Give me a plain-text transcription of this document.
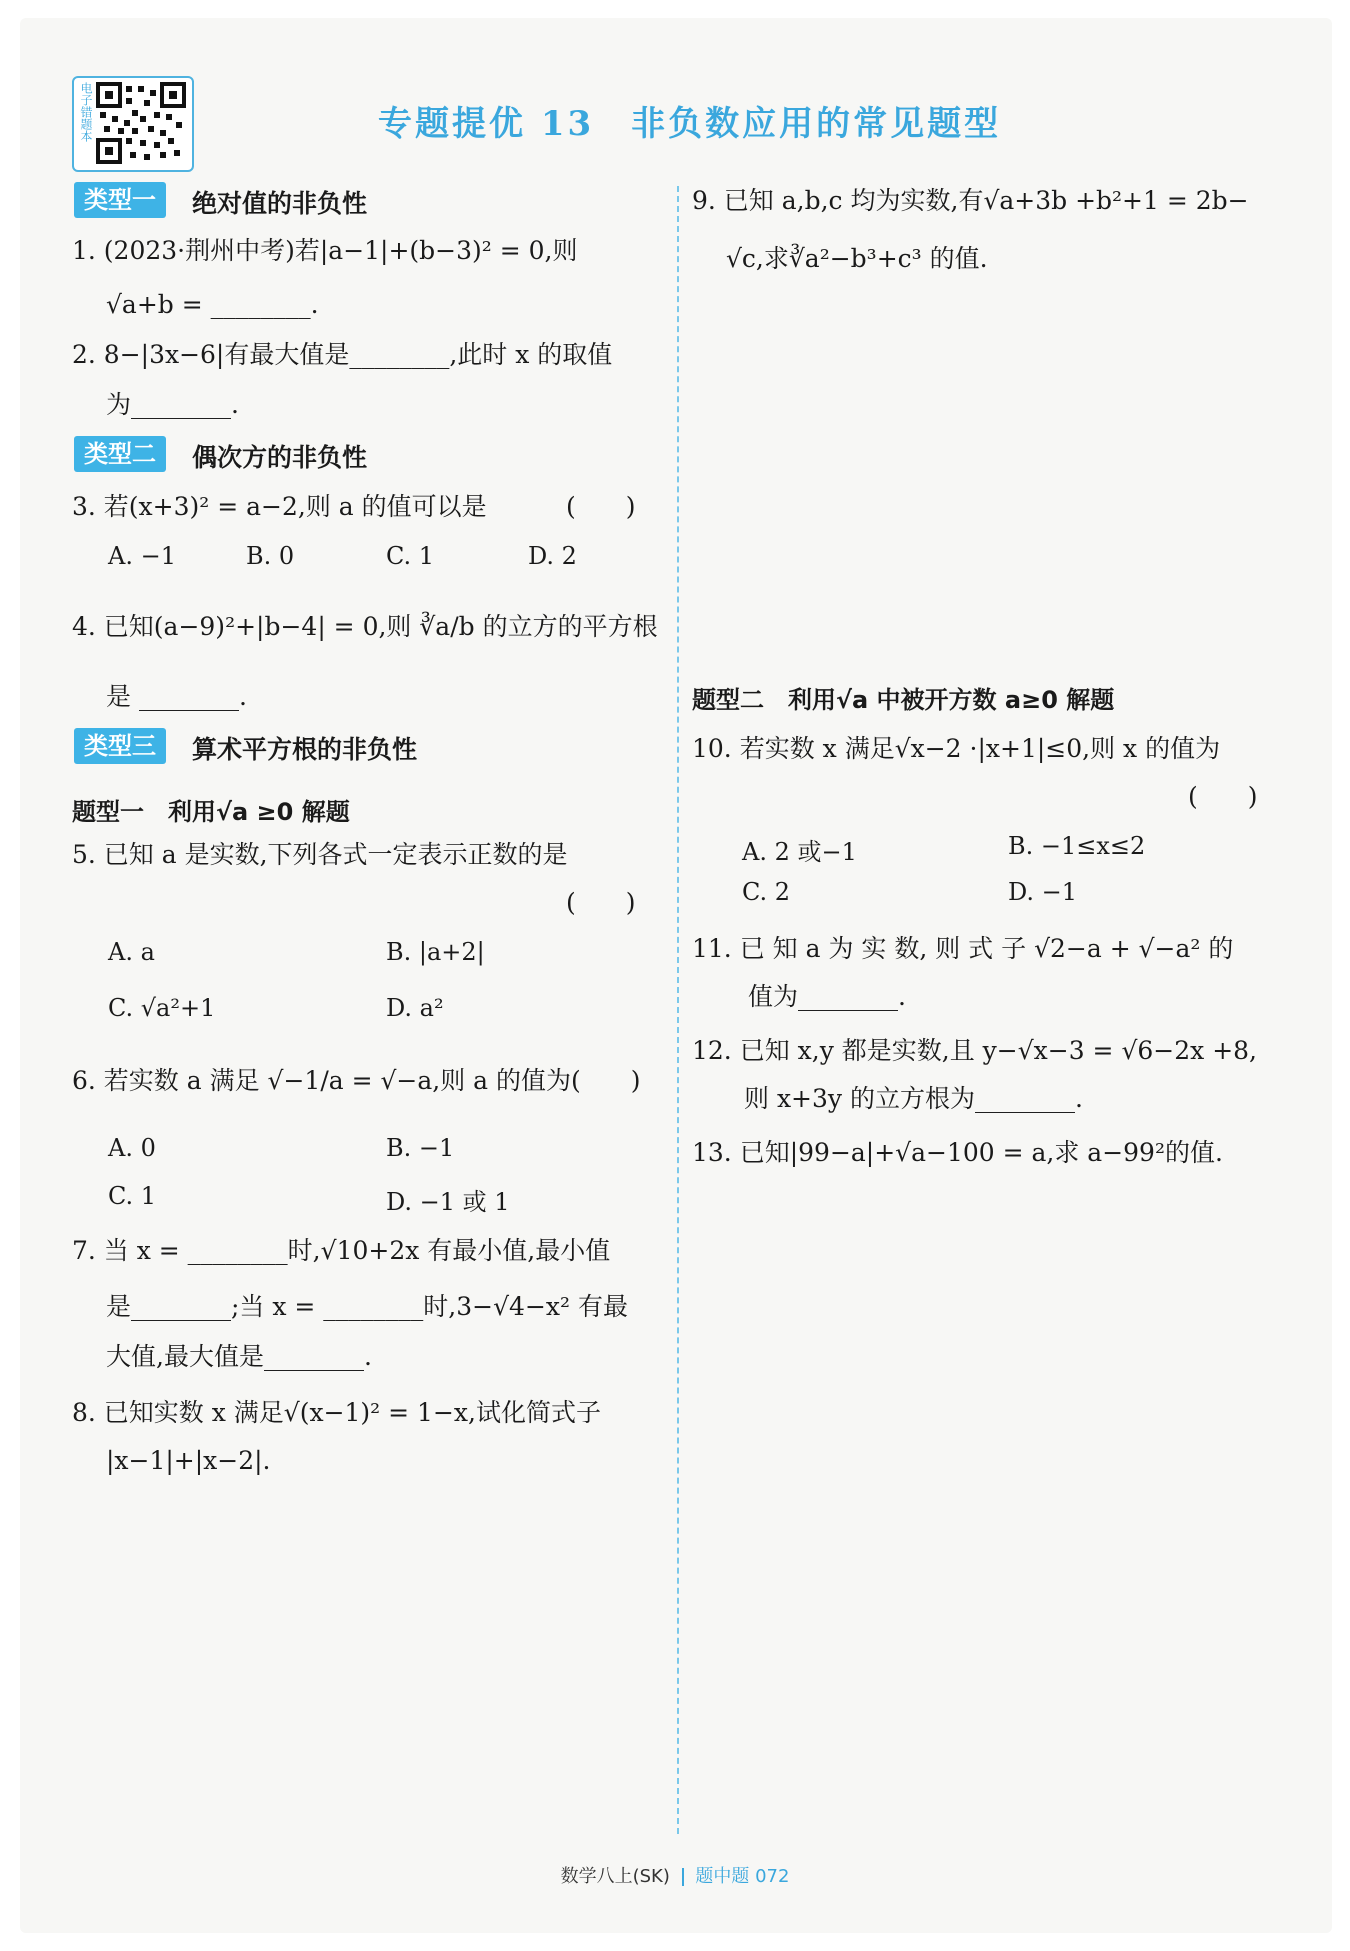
电子错题本	专题提优 13　非负数应用的常见题型
类型一	绝对值的非负性
1. (2023·荆州中考)若|a−1|+(b−3)² = 0,则
√a+b = ________.
2. 8−|3x−6|有最大值是________,此时 x 的取值
为________.
类型二	偶次方的非负性
3. 若(x+3)² = a−2,则 a 的值可以是	(　　)
A. −1	B. 0	C. 1	D. 2
4. 已知(a−9)²+|b−4| = 0,则 ∛a/b 的立方的平方根
是 ________.
类型三	算术平方根的非负性
题型一　利用√a ≥0 解题
5. 已知 a 是实数,下列各式一定表示正数的是
(　　)
A. a	B. |a+2|
C. √a²+1	D. a²
6. 若实数 a 满足 √−1/a = √−a,则 a 的值为(　　)
A. 0	B. −1
C. 1	D. −1 或 1
7. 当 x = ________时,√10+2x 有最小值,最小值
是________;当 x = ________时,3−√4−x² 有最
大值,最大值是________.
8. 已知实数 x 满足√(x−1)² = 1−x,试化简式子
|x−1|+|x−2|.
9. 已知 a,b,c 均为实数,有√a+3b +b²+1 = 2b−
√c,求∛a²−b³+c³ 的值.
题型二　利用√a 中被开方数 a≥0 解题
10. 若实数 x 满足√x−2 ·|x+1|≤0,则 x 的值为
(　　)
A. 2 或−1	B. −1≤x≤2
C. 2	D. −1
11. 已 知 a 为 实 数, 则 式 子 √2−a + √−a² 的
值为________.
12. 已知 x,y 都是实数,且 y−√x−3 = √6−2x +8,
则 x+3y 的立方根为________.
13. 已知|99−a|+√a−100 = a,求 a−99²的值.
数学八上(SK) 题中题 072
